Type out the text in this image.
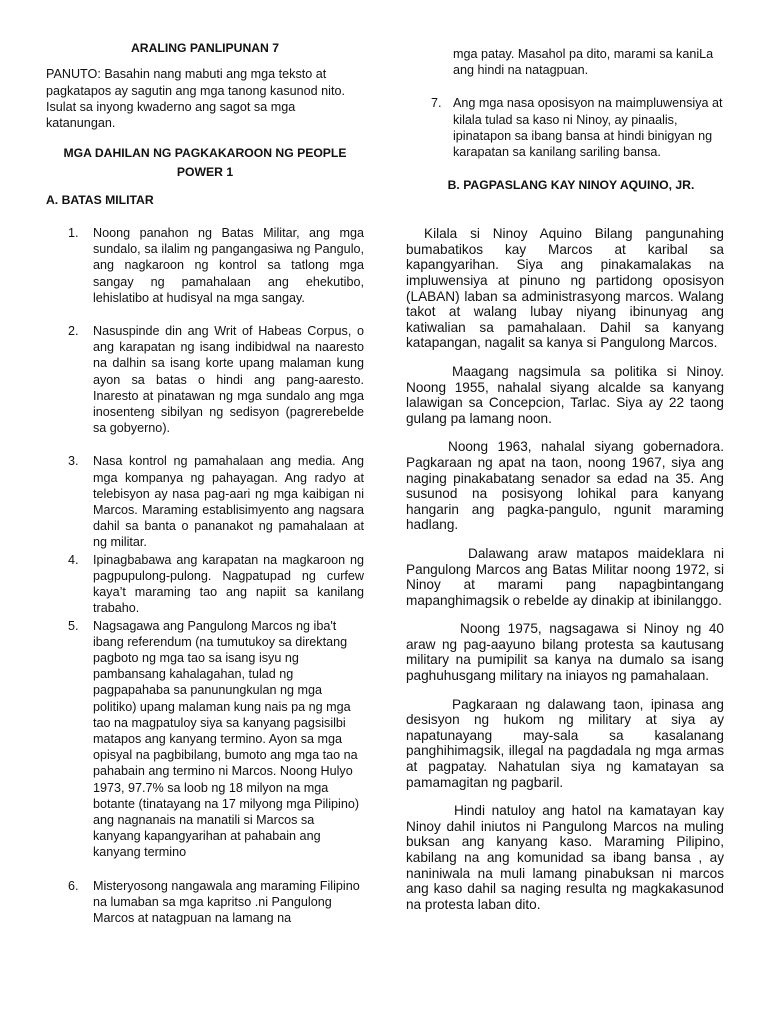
ARALING PANLIPUNAN 7

PANUTO: Basahin nang mabuti ang mga teksto at pagkatapos ay sagutin ang mga tanong kasunod nito. Isulat sa inyong kwaderno ang sagot sa mga katanungan.

MGA DAHILAN NG PAGKAKAROON NG PEOPLE POWER 1
A. BATAS MILITAR
1. Noong panahon ng Batas Militar, ang mga sundalo, sa ilalim ng pangangasiwa ng Pangulo, ang nagkaroon ng kontrol sa tatlong mga sangay ng pamahalaan ang ehekutibo, lehislatibo at hudisyal na mga sangay.
2. Nasuspinde din ang Writ of Habeas Corpus, o ang karapatan ng isang indibidwal na naaresto na dalhin sa isang korte upang malaman kung ayon sa batas o hindi ang pang-aaresto. Inaresto at pinatawan ng mga sundalo ang mga inosenteng sibilyan ng sedisyon (pagrerebelde sa gobyerno).
3. Nasa kontrol ng pamahalaan ang media. Ang mga kompanya ng pahayagan. Ang radyo at telebisyon ay nasa pag-aari ng mga kaibigan ni Marcos. Maraming establisimyento ang nagsara dahil sa banta o pananakot ng pamahalaan at ng militar.
4. Ipinagbabawa ang karapatan na magkaroon ng pagpupulong-pulong. Nagpatupad ng curfew kaya’t maraming tao ang napiit sa kanilang trabaho.
5. Nagsagawa ang Pangulong Marcos ng iba't ibang referendum (na tumutukoy sa direktang pagboto ng mga tao sa isang isyu ng pambansang kahalagahan, tulad ng pagpapahaba sa panunungkulan ng mga politiko) upang malaman kung nais pa ng mga tao na magpatuloy siya sa kanyang pagsisilbi matapos ang kanyang termino. Ayon sa mga opisyal na pagbibilang, bumoto ang mga tao na pahabain ang termino ni Marcos. Noong Hulyo 1973, 97.7% sa loob ng 18 milyon na mga botante (tinatayang na 17 milyong mga Pilipino) ang nagnanais na manatili si Marcos sa kanyang kapangyarihan at pahabain ang kanyang termino
6. Misteryosong nangawala ang maraming Filipino na lumaban sa mga kapritso .ni Pangulong Marcos at natagpuan na lamang na
mga patay. Masahol pa dito, marami sa kaniLa ang hindi na natagpuan.
7. Ang mga nasa oposisyon na maimpluwensiya at kilala tulad sa kaso ni Ninoy, ay pinaalis, ipinatapon sa ibang bansa at hindi binigyan ng karapatan sa kanilang sariling bansa.
B. PAGPASLANG KAY NINOY AQUINO, JR.

Kilala si Ninoy Aquino Bilang pangunahing bumabatikos kay Marcos at karibal sa kapangyarihan. Siya ang pinakamalakas na impluwensiya at pinuno ng partidong oposisyon (LABAN) laban sa administrasyong marcos. Walang takot at walang lubay niyang ibinunyag ang katiwalian sa pamahalaan. Dahil sa kanyang katapangan, nagalit sa kanya si Pangulong Marcos.

Maagang nagsimula sa politika si Ninoy. Noong 1955, nahalal siyang alcalde sa kanyang lalawigan sa Concepcion, Tarlac. Siya ay 22 taong gulang pa lamang noon.

Noong 1963, nahalal siyang gobernadora. Pagkaraan ng apat na taon, noong 1967, siya ang naging pinakabatang senador sa edad na 35. Ang susunod na posisyong lohikal para kanyang hangarin ang pagka-pangulo, ngunit maraming hadlang.

Dalawang araw matapos maideklara ni Pangulong Marcos ang Batas Militar noong 1972, si Ninoy at marami pang napagbintangang mapanghimagsik o rebelde ay dinakip at ibinilanggo.

Noong 1975, nagsagawa si Ninoy ng 40 araw ng pag-aayuno bilang protesta sa kautusang military na pumipilit sa kanya na dumalo sa isang paghuhusgang military na iniayos ng pamahalaan.

Pagkaraan ng dalawang taon, ipinasa ang desisyon ng hukom ng military at siya ay napatunayang may-sala sa kasalanang panghihimagsik, illegal na pagdadala ng mga armas at pagpatay. Nahatulan siya ng kamatayan sa pamamagitan ng pagbaril.

Hindi natuloy ang hatol na kamatayan kay Ninoy dahil iniutos ni Pangulong Marcos na muling buksan ang kanyang kaso. Maraming Pilipino, kabilang na ang komunidad sa ibang bansa , ay naniniwala na muli lamang pinabuksan ni marcos ang kaso dahil sa naging resulta ng magkakasunod na protesta laban dito.
